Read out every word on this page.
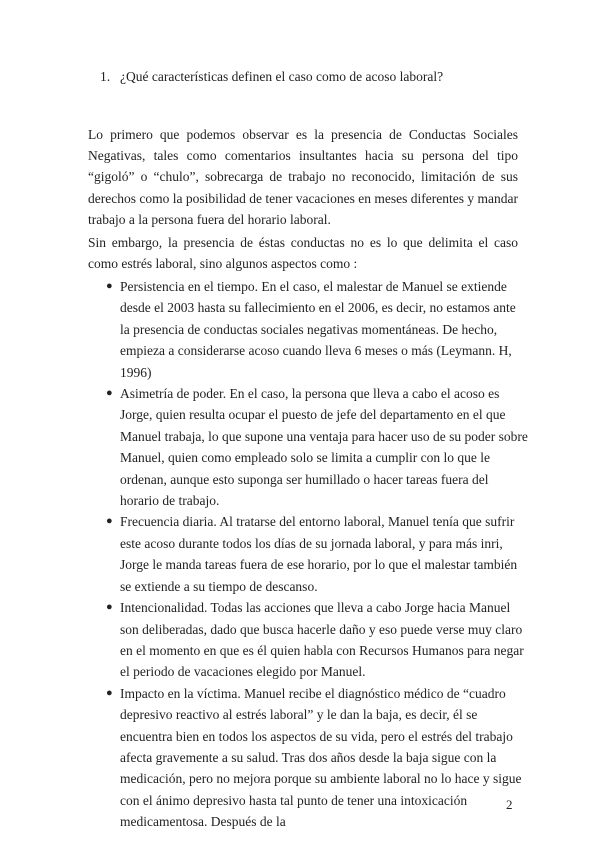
1. ¿Qué características definen el caso como de acoso laboral?

Lo primero que podemos observar es la presencia de Conductas Sociales Negativas, tales como comentarios insultantes hacia su persona del tipo “gigoló” o “chulo”, sobrecarga de trabajo no reconocido, limitación de sus derechos como la posibilidad de tener vacaciones en meses diferentes y mandar trabajo a la persona fuera del horario laboral.

Sin embargo, la presencia de éstas conductas no es lo que delimita el caso como estrés laboral, sino algunos aspectos como :

● Persistencia en el tiempo. En el caso, el malestar de Manuel se extiende desde el 2003 hasta su fallecimiento en el 2006, es decir, no estamos ante la presencia de conductas sociales negativas momentáneas. De hecho, empieza a considerarse acoso cuando lleva 6 meses o más (Leymann. H, 1996)
● Asimetría de poder. En el caso, la persona que lleva a cabo el acoso es Jorge, quien resulta ocupar el puesto de jefe del departamento en el que Manuel trabaja, lo que supone una ventaja para hacer uso de su poder sobre Manuel, quien como empleado solo se limita a cumplir con lo que le ordenan, aunque esto suponga ser humillado o hacer tareas fuera del horario de trabajo.
● Frecuencia diaria. Al tratarse del entorno laboral, Manuel tenía que sufrir este acoso durante todos los días de su jornada laboral, y para más inri, Jorge le manda tareas fuera de ese horario, por lo que el malestar también se extiende a su tiempo de descanso.
● Intencionalidad. Todas las acciones que lleva a cabo Jorge hacia Manuel son deliberadas, dado que busca hacerle daño y eso puede verse muy claro en el momento en que es él quien habla con Recursos Humanos para negar el periodo de vacaciones elegido por Manuel.
● Impacto en la víctima. Manuel recibe el diagnóstico médico de “cuadro depresivo reactivo al estrés laboral” y le dan la baja, es decir, él se encuentra bien en todos los aspectos de su vida, pero el estrés del trabajo afecta gravemente a su salud. Tras dos años desde la baja sigue con la medicación, pero no mejora porque su ambiente laboral no lo hace y sigue con el ánimo depresivo hasta tal punto de tener una intoxicación medicamentosa. Después de la
2
